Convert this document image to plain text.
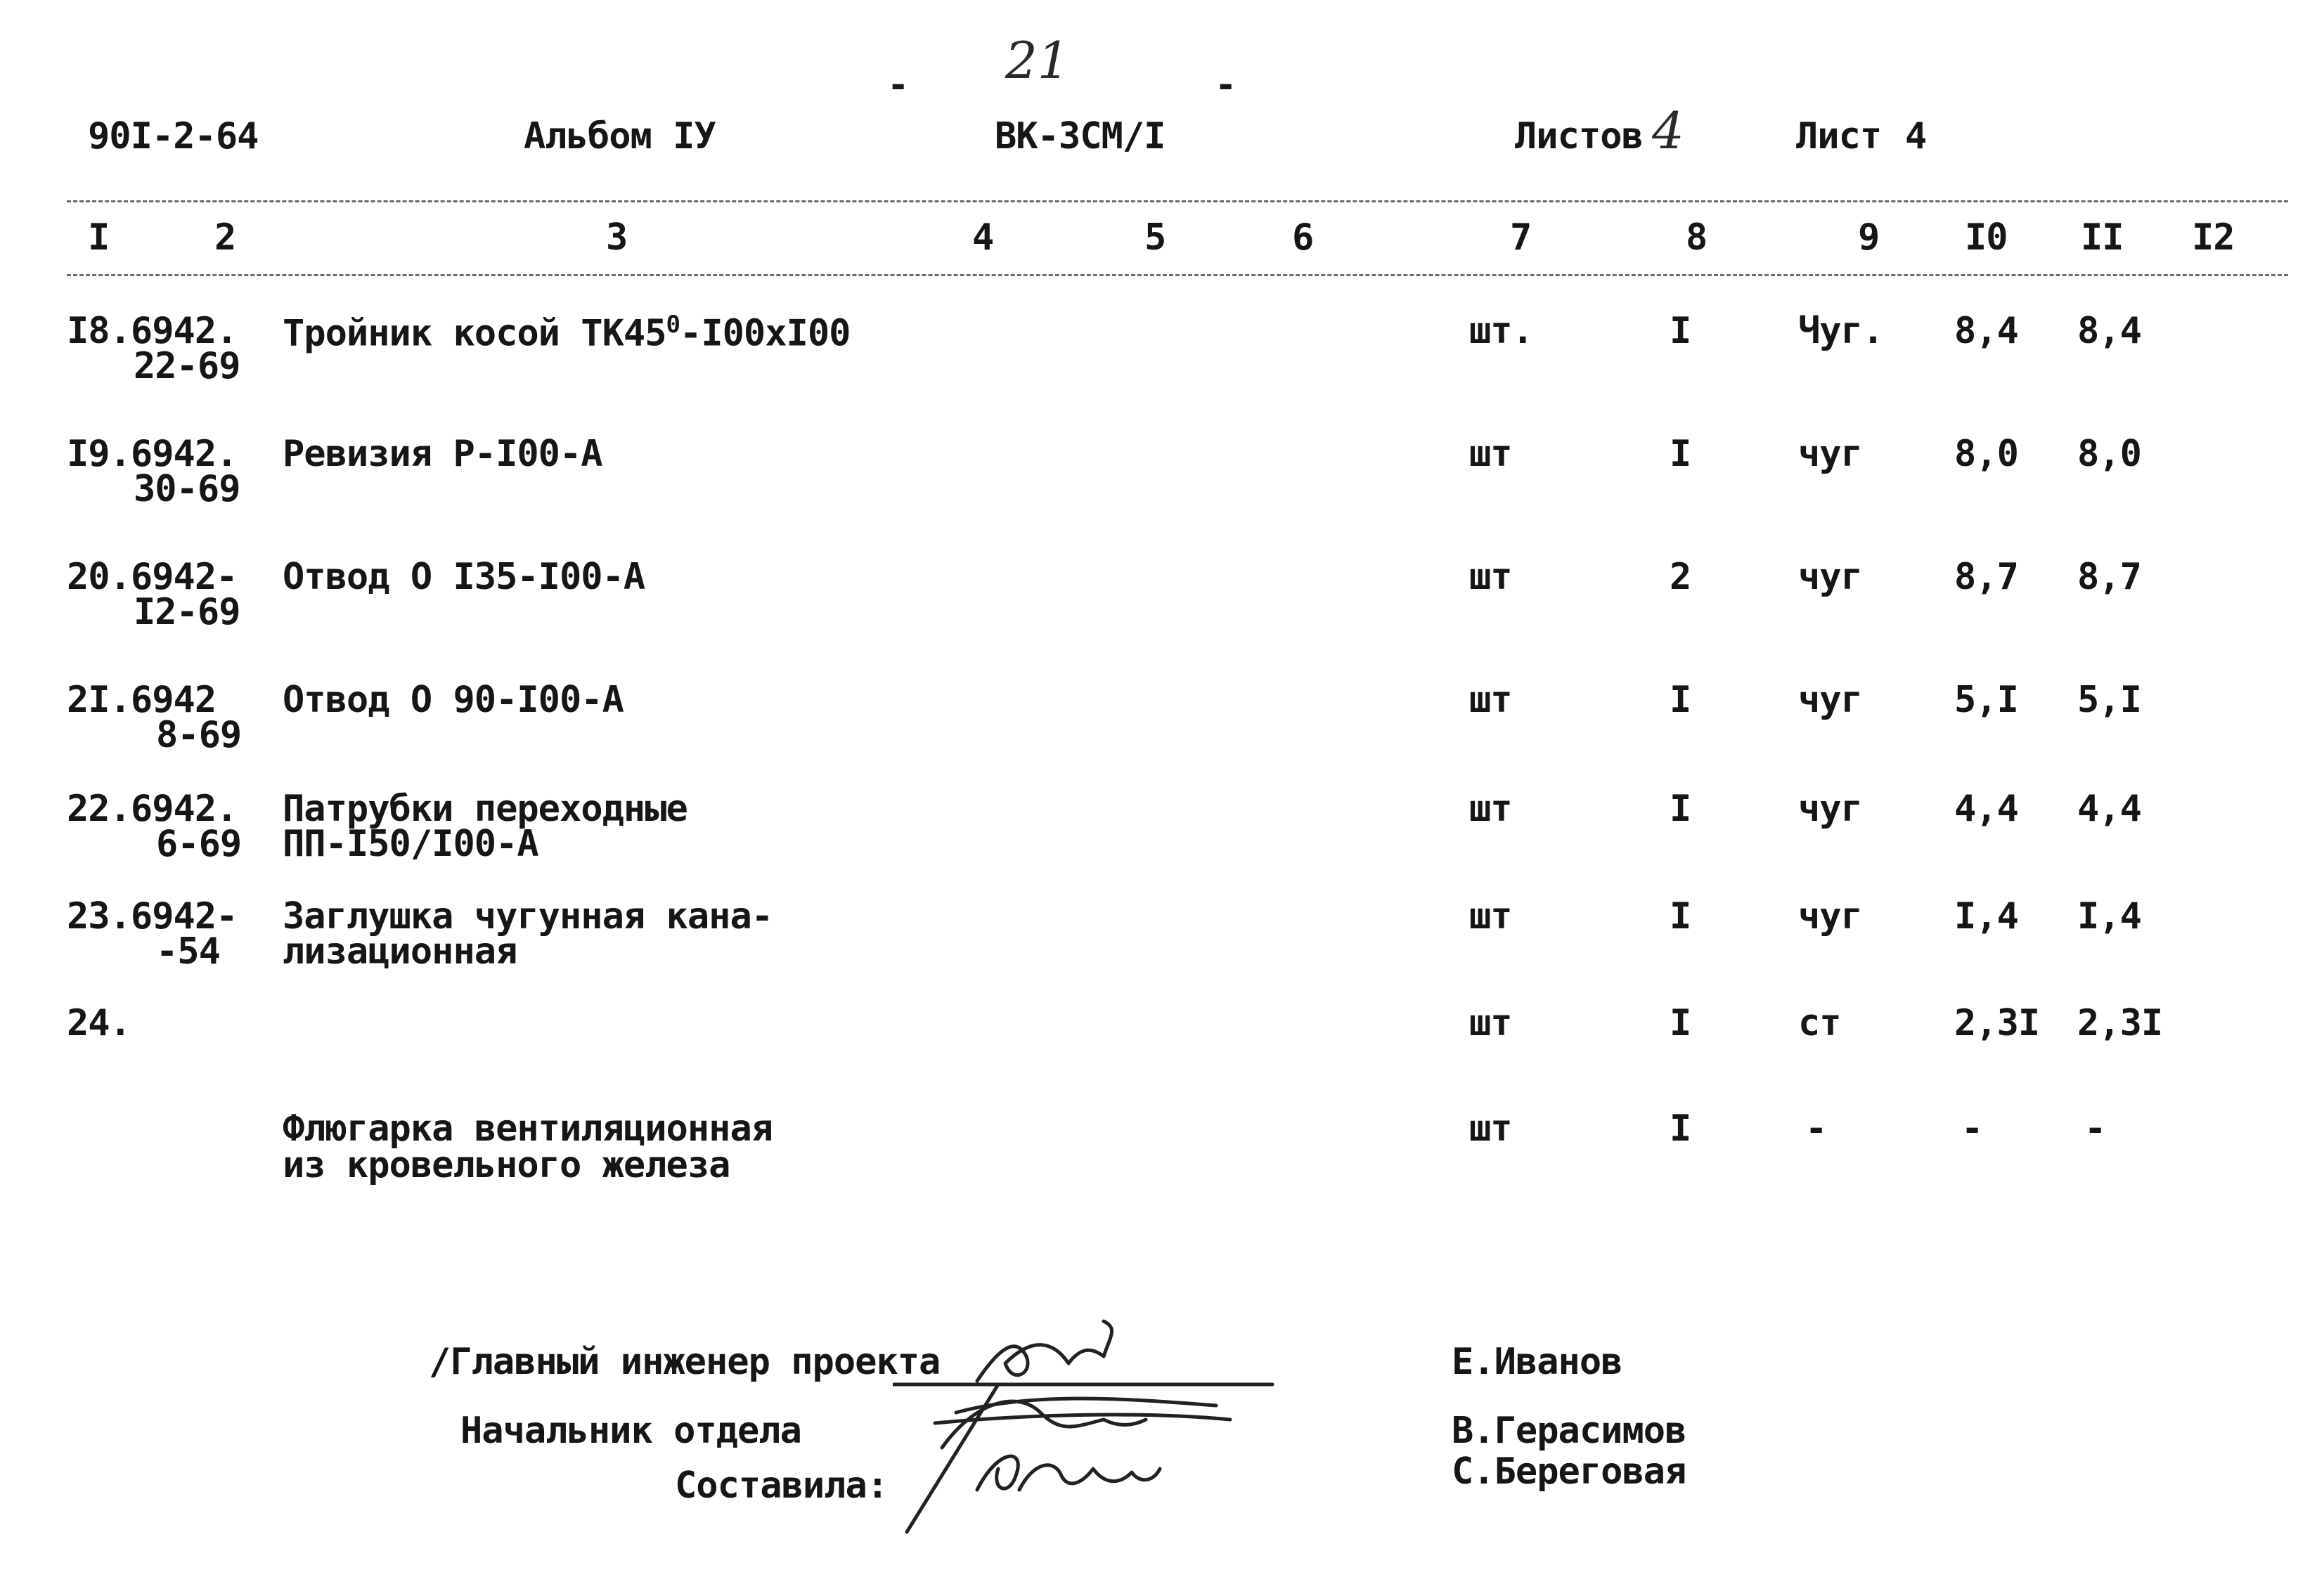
- 21	-
90I-2-64	Альбом IУ	ВК-ЗСМ/I	Листов 4	Лист 4
I	2	3	4	5	6	7	8	9 I0 II I2
I8.6942.
22-69
Тройник косой $ТК45^0-I00xI00$	шт.	I	Чуг. 8,4 8,4
I9.6942.
30-69
Ревизия Р-I00-А	шт	I	чуг	8,0 8,0
20.6942-
I2-69
Отвод О I35-I00-А	шт	2	чуг	8,7 8,7
2I.6942
8-69
Отвод О 90-I00-А	шт	I	чуг	5,I 5,I
22.6942.
6-69
Патрубки переходные
ПП-I50/I00-А
шт	I	чуг	4,4 4,4
23.6942-
-54
Заглушка чугунная кана-
лизационная
шт	I	чуг	I,4 I,4
24.	шт	I	ст	2,3I 2,3I
Флюгарка вентиляционная
из кровельного железа
шт	I	-	-	-
/Главный инженер проекта
Начальник отдела
Составила:
Е.Иванов
В.Герасимов
С.Береговая
